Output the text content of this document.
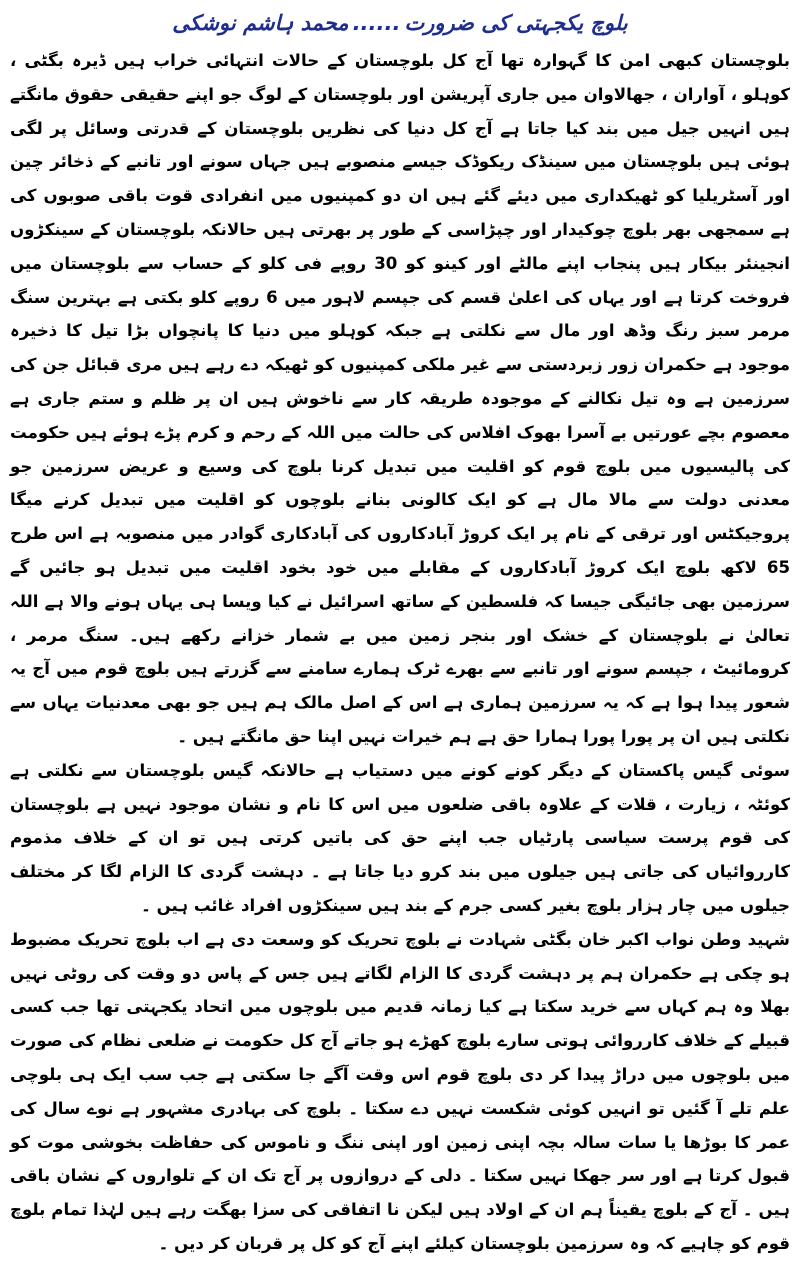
بلوچ یکجہتی کی ضرورت......محمد ہاشم نوشکی

بلوچستان کبھی امن کا گہوارہ تھا آج کل بلوچستان کے حالات انتہائی خراب ہیں ڈیرہ بگٹی ، کوہلو ، آواران ، جھالاوان میں جاری آپریشن اور بلوچستان کے لوگ جو اپنے حقیقی حقوق مانگتے ہیں انہیں جیل میں بند کیا جاتا ہے آج کل دنیا کی نظریں بلوچستان کے قدرتی وسائل پر لگی ہوئی ہیں بلوچستان میں سینڈک ریکوڈک جیسے منصوبے ہیں جہاں سونے اور تانبے کے ذخائر چین اور آسٹریلیا کو ٹھیکداری میں دیئے گئے ہیں ان دو کمپنیوں میں انفرادی قوت باقی صوبوں کی ہے سمجھی بھر بلوچ چوکیدار اور چپڑاسی کے طور پر بھرتی ہیں حالانکہ بلوچستان کے سینکڑوں انجینئر بیکار ہیں پنجاب اپنے مالٹے اور کینو کو 30 روپے فی کلو کے حساب سے بلوچستان میں فروخت کرتا ہے اور یہاں کی اعلیٰ قسم کی جپسم لاہور میں 6 روپے کلو بکتی ہے بہترین سنگ مرمر سبز رنگ وڈھ اور مال سے نکلتی ہے جبکہ کوہلو میں دنیا کا پانچواں بڑا تیل کا ذخیرہ موجود ہے حکمران زور زبردستی سے غیر ملکی کمپنیوں کو ٹھیکہ دے رہے ہیں مری قبائل جن کی سرزمین ہے وہ تیل نکالنے کے موجودہ طریقہ کار سے ناخوش ہیں ان پر ظلم و ستم جاری ہے معصوم بچے عورتیں بے آسرا بھوک افلاس کی حالت میں اللہ کے رحم و کرم پڑے ہوئے ہیں حکومت کی پالیسیوں میں بلوچ قوم کو اقلیت میں تبدیل کرنا بلوچ کی وسیع و عریض سرزمین جو معدنی دولت سے مالا مال ہے کو ایک کالونی بنانے بلوچوں کو اقلیت میں تبدیل کرنے میگا پروجیکٹس اور ترقی کے نام پر ایک کروڑ آبادکاروں کی آبادکاری گوادر میں منصوبہ ہے اس طرح 65 لاکھ بلوچ ایک کروڑ آبادکاروں کے مقابلے میں خود بخود اقلیت میں تبدیل ہو جائیں گے سرزمین بھی جائیگی جیسا کہ فلسطین کے ساتھ اسرائیل نے کیا ویسا ہی یہاں ہونے والا ہے اللہ تعالیٰ نے بلوچستان کے خشک اور بنجر زمین میں بے شمار خزانے رکھے ہیں۔ سنگ مرمر ، کرومائیٹ ، جپسم سونے اور تانبے سے بھرے ٹرک ہمارے سامنے سے گزرتے ہیں بلوچ قوم میں آج یہ شعور پیدا ہوا ہے کہ یہ سرزمین ہماری ہے اس کے اصل مالک ہم ہیں جو بھی معدنیات یہاں سے نکلتی ہیں ان پر پورا پورا ہمارا حق ہے ہم خیرات نہیں اپنا حق مانگتے ہیں ۔

سوئی گیس پاکستان کے دیگر کونے کونے میں دستیاب ہے حالانکہ گیس بلوچستان سے نکلتی ہے کوئٹہ ، زیارت ، قلات کے علاوہ باقی ضلعوں میں اس کا نام و نشان موجود نہیں ہے بلوچستان کی قوم پرست سیاسی پارٹیاں جب اپنے حق کی باتیں کرتی ہیں تو ان کے خلاف مذموم کارروائیاں کی جاتی ہیں جیلوں میں بند کرو دیا جاتا ہے ۔ دہشت گردی کا الزام لگا کر مختلف جیلوں میں چار ہزار بلوچ بغیر کسی جرم کے بند ہیں سینکڑوں افراد غائب ہیں ۔

شہید وطن نواب اکبر خان بگٹی شہادت نے بلوچ تحریک کو وسعت دی ہے اب بلوچ تحریک مضبوط ہو چکی ہے حکمران ہم پر دہشت گردی کا الزام لگاتے ہیں جس کے پاس دو وقت کی روٹی نہیں بھلا وہ ہم کہاں سے خرید سکتا ہے کیا زمانہ قدیم میں بلوچوں میں اتحاد یکجہتی تھا جب کسی قبیلے کے خلاف کارروائی ہوتی سارے بلوچ کھڑے ہو جاتے آج کل حکومت نے ضلعی نظام کی صورت میں بلوچوں میں دراڑ پیدا کر دی بلوچ قوم اس وقت آگے جا سکتی ہے جب سب ایک ہی بلوچی علم تلے آ گئیں تو انہیں کوئی شکست نہیں دے سکتا ۔ بلوچ کی بہادری مشہور ہے نوے سال کی عمر کا بوڑھا یا سات سالہ بچہ اپنی زمین اور اپنی ننگ و ناموس کی حفاظت بخوشی موت کو قبول کرتا ہے اور سر جھکا نہیں سکتا ۔ دلی کے دروازوں پر آج تک ان کے تلواروں کے نشان باقی ہیں ۔ آج کے بلوچ یقیناً ہم ان کے اولاد ہیں لیکن نا اتفاقی کی سزا بھگت رہے ہیں لہٰذا تمام بلوچ قوم کو چاہیے کہ وہ سرزمین بلوچستان کیلئے اپنے آج کو کل پر قربان کر دیں ۔
